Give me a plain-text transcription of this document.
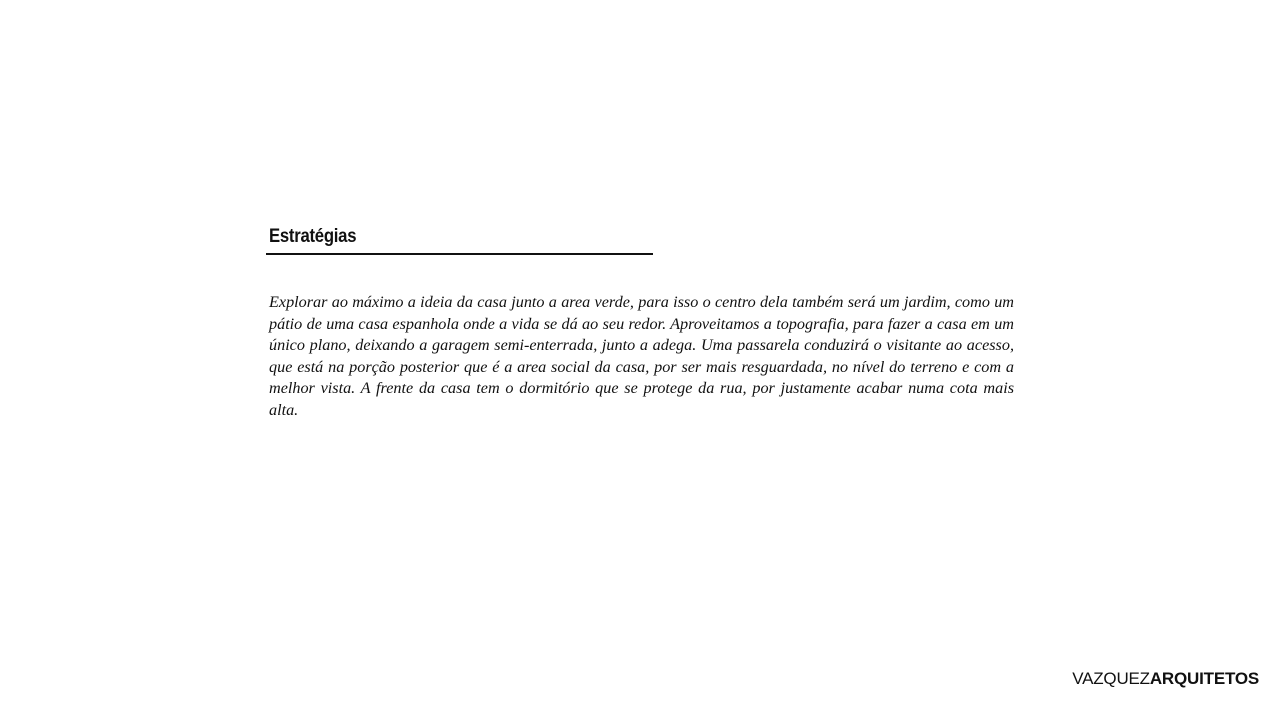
Estratégias

Explorar ao máximo a ideia da casa junto a area verde, para isso o centro dela também será um jardim, como um pátio de uma casa espanhola onde a vida se dá ao seu redor. Aproveitamos a topografia, para fazer a casa em um único plano, deixando a garagem semi-enterrada, junto a adega. Uma passarela conduzirá o visitante ao acesso, que está na porção posterior que é a area social da casa, por ser mais resguardada, no nível do terreno e com a melhor vista. A frente da casa tem o dormitório que se protege da rua, por justamente acabar numa cota mais alta.

VAZQUEZARQUITETOS
